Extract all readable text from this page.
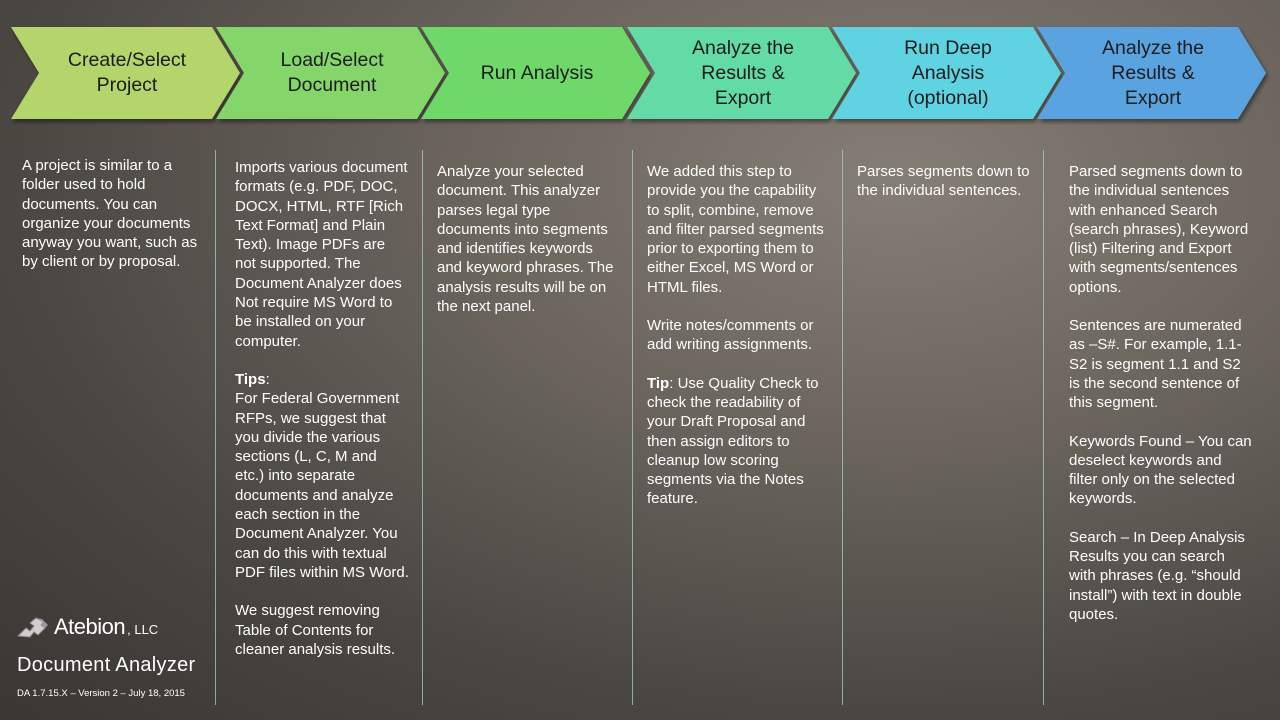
Create/Select
Project
Load/Select
Document
Run Analysis
Analyze the
Results &
Export
Run Deep
Analysis
(optional)
Analyze the
Results &
Export

A project is similar to a folder used to hold documents. You can organize your documents anyway you want, such as by client or by proposal.

Imports various document formats (e.g. PDF, DOC, DOCX, HTML, RTF [Rich Text Format] and Plain Text). Image PDFs are not supported. The Document Analyzer does Not require MS Word to be installed on your computer.

Tips:
For Federal Government RFPs, we suggest that you divide the various sections (L, C, M and etc.) into separate documents and analyze each section in the Document Analyzer. You can do this with textual PDF files within MS Word.

We suggest removing Table of Contents for cleaner analysis results.

Analyze your selected document. This analyzer parses legal type documents into segments and identifies keywords and keyword phrases. The analysis results will be on the next panel.

We added this step to provide you the capability to split, combine, remove and filter parsed segments prior to exporting them to either Excel, MS Word or HTML files.

Write notes/comments or add writing assignments.

Tip: Use Quality Check to check the readability of your Draft Proposal and then assign editors to cleanup low scoring segments via the Notes feature.

Parses segments down to the individual sentences.

Parsed segments down to the individual sentences with enhanced Search (search phrases), Keyword (list) Filtering and Export with segments/sentences options.

Sentences are numerated as –S#. For example, 1.1-S2 is segment 1.1 and S2 is the second sentence of this segment.

Keywords Found – You can deselect keywords and filter only on the selected keywords.

Search – In Deep Analysis Results you can search with phrases (e.g. “should install”) with text in double quotes.

Atebion , LLC
Document Analyzer
DA 1.7.15.X – Version 2 – July 18, 2015
